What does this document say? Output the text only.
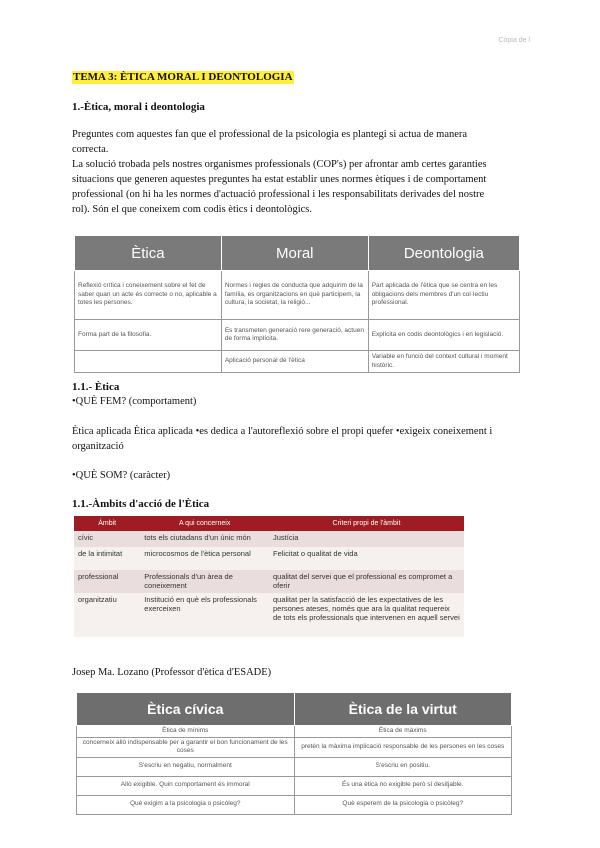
Còpia de l
TEMA 3: ÈTICA MORAL I DEONTOLOGIA
1.-Ètica, moral i deontologia
Preguntes com aquestes fan que el professional de la psicologia es plantegi si actua de manera
correcta.
La solució trobada pels nostres organismes professionals (COP's) per afrontar amb certes garanties
situacions que generen aquestes preguntes ha estat establir unes normes ètiques i de comportament
professional (on hi ha les normes d'actuació professional i les responsabilitats derivades del nostre
rol). Són el que coneixem com codis ètics i deontològics.
Ètica	Moral	Deontologia
Reflexió crítica i coneixement sobre el fet de saber quan un acte és correcte o no, aplicable a totes les persones.	Normes i regles de conducta que adquirim de la família, es organitzacions en què participem, la cultura, la societat, la religió...	Part aplicada de l'ètica que se centra en les obligacions dels membres d'un col·lectiu professional.
Forma part de la filosofia.	Es transmeten generació rere generació, actuen de forma implícita.	Explícita en codis deontològics i en legislació.
	Aplicació personal de l'ètica	Variable en funció del context cultural i moment històric.
1.1.- Ètica
•QUÈ FEM? (comportament)
Ètica aplicada Ètica aplicada •es dedica a l'autoreflexió sobre el propi quefer •exigeix coneixement i
organització
•QUÈ SOM? (caràcter)
1.1.-Àmbits d'acció de l'Ètica
Àmbit	A qui concerneix	Criteri propi de l'àmbit
cívic	tots els ciutadans d'un únic món	Justícia
de la intimitat	microcosmos de l'ètica personal	Felicitat o qualitat de vida
professional	Professionals d'un àrea de coneixement	qualitat del servei que el professional es compromet a oferir
organitzatiu	Institució en què els professionals exerceixen	qualitat per la satisfacció de les expectatives de les persones ateses, només que ara la qualitat requereix de tots els professionals que intervenen en aquell servei
Josep Ma. Lozano (Professor d'ètica d'ESADE)
Ètica cívica	Ètica de la virtut
Ètica de mínims	Ètica de màxims
concerneix allò indispensable per a garantir el bon funcionament de les coses	pretén la màxima implicació responsable de les persones en les coses
S'escriu en negatiu, normalment	S'escriu en positiu.
Allò exigible. Quin comportament és immoral	És una ètica no exigible però sí desitjable.
Què exigim a la psicologia o psicòleg?	Què esperem de la psicologia o psicòleg?
